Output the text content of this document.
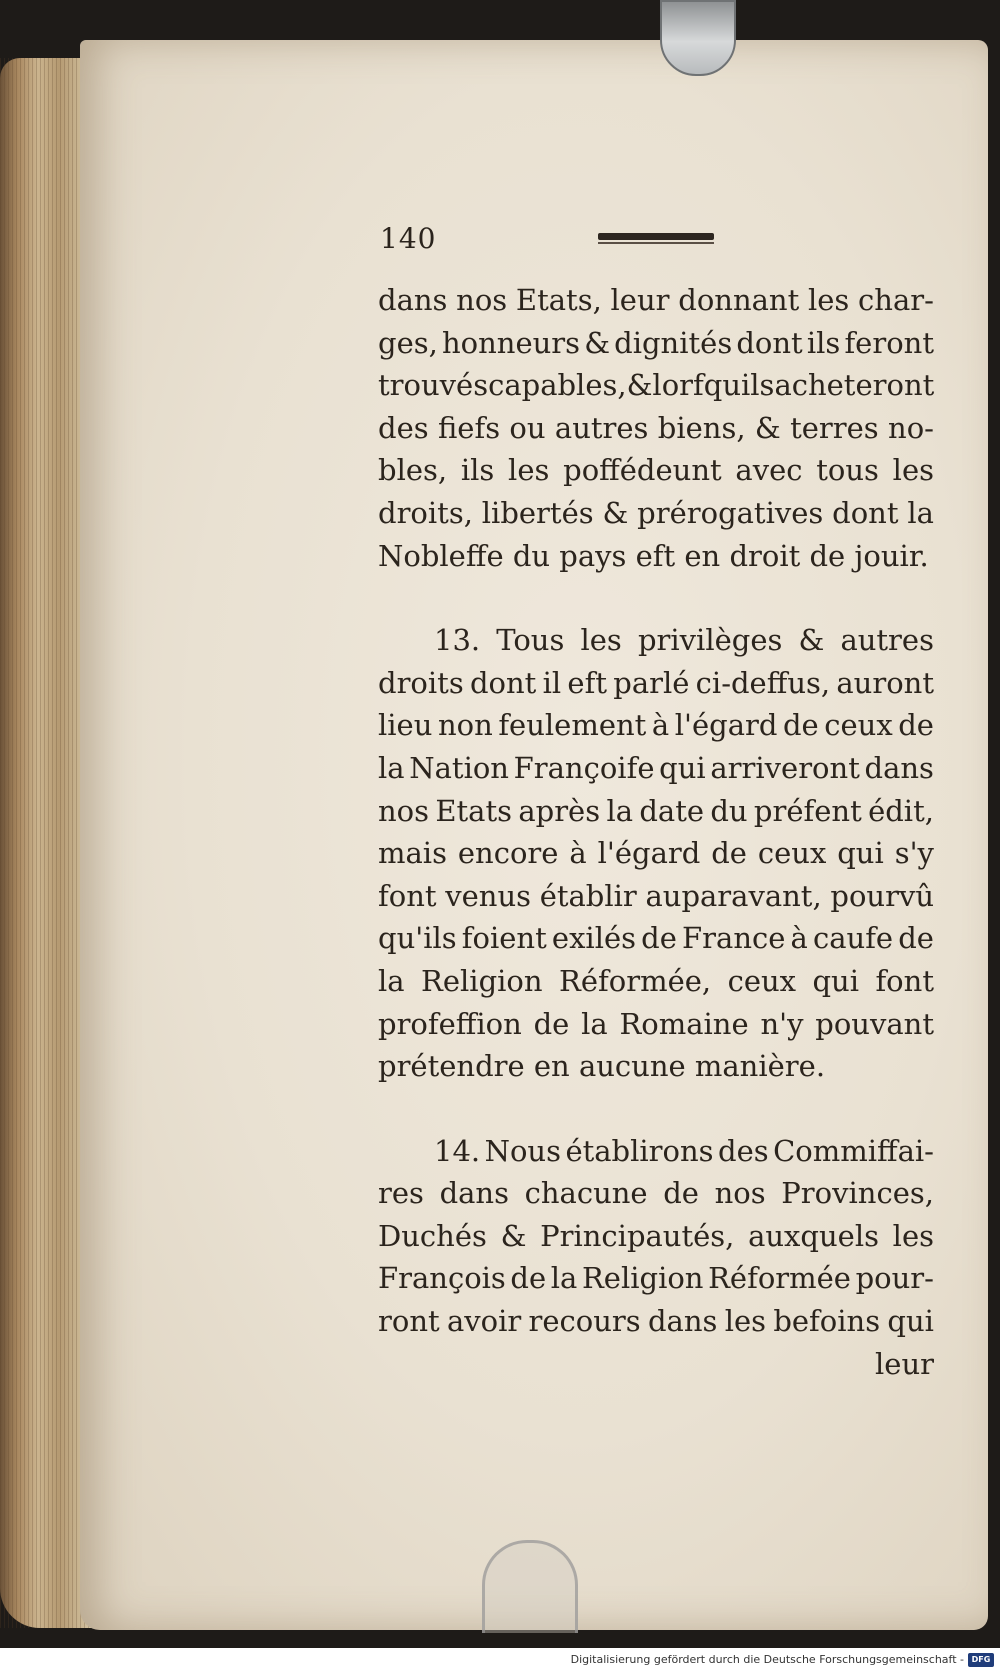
140
dans nos Etats, leur donnant les char-
ges, honneurs & dignités dont ils feront
trouvés capables, & lorfquils acheteront
des fiefs ou autres biens, & terres no-
bles, ils les poffédeunt avec tous les
droits, libertés & prérogatives dont la
Nobleffe du pays eft en droit de jouir.
13. Tous les privilèges & autres
droits dont il eft parlé ci-deffus, auront
lieu non feulement à l'égard de ceux de
la Nation Françoife qui arriveront dans
nos Etats après la date du préfent édit,
mais encore à l'égard de ceux qui s'y
font venus établir auparavant, pourvû
qu'ils foient exilés de France à caufe de
la Religion Réformée, ceux qui font
profeffion de la Romaine n'y pouvant
prétendre en aucune manière.
14. Nous établirons des Commiffai-
res dans chacune de nos Provinces,
Duchés & Principautés, auxquels les
François de la Religion Réformée pour-
ront avoir recours dans les befoins qui
leur
Digitalisierung gefördert durch die Deutsche Forschungsgemeinschaft - DFG
